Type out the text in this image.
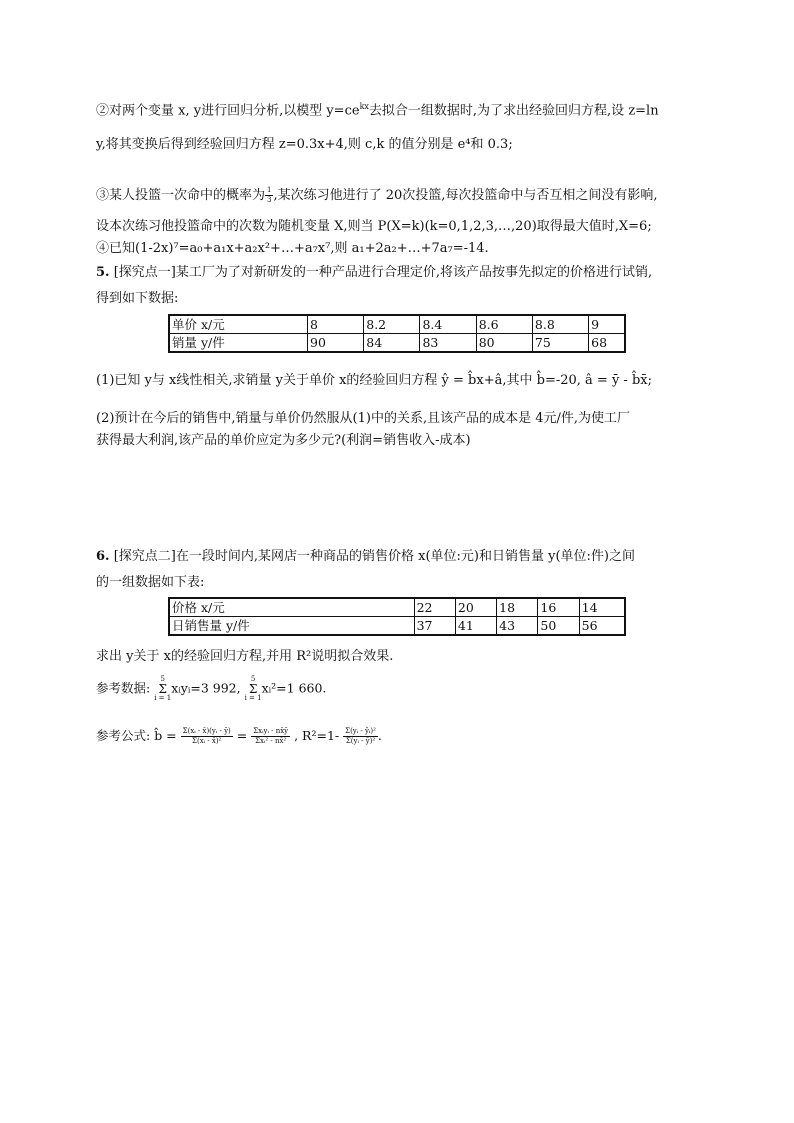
②对两个变量 x, y进行回归分析,以模型 $y=ce^{kx}$去拟合一组数据时,为了求出经验回归方程,设 z=ln
y,将其变换后得到经验回归方程 z=0.3x+4,则 c,k 的值分别是 e⁴和 0.3;
③某人投篮一次命中的概率为 $\frac{1}{3}$ ,某次练习他进行了 20次投篮,每次投篮命中与否互相之间没有影响,
设本次练习他投篮命中的次数为随机变量 X,则当 P(X=k)(k=0,1,2,3,…,20)取得最大值时,X=6;
④已知(1-2x)⁷=a₀+a₁x+a₂x²+…+a₇x⁷,则 a₁+2a₂+…+7a₇=-14.
5. [探究点一]某工厂为了对新研发的一种产品进行合理定价,将该产品按事先拟定的价格进行试销,
得到如下数据:
单价 x/元	8	8.2	8.4	8.6	8.8	9
销量 y/件	90	84	83	80	75	68
(1)已知 y与 x线性相关,求销量 y关于单价 x的经验回归方程 ŷ = b̂x+â,其中 b̂=-20, â = ȳ - b̂x̄;
(2)预计在今后的销售中,销量与单价仍然服从(1)中的关系,且该产品的成本是 4元/件,为使工厂
获得最大利润,该产品的单价应定为多少元?(利润=销售收入-成本)
6. [探究点二]在一段时间内,某网店一种商品的销售价格 x(单位:元)和日销售量 y(单位:件)之间
的一组数据如下表:
价格 x/元	22	20	18	16	14
日销售量 y/件	37	41	43	50	56
求出 y关于 x的经验回归方程,并用 R²说明拟合效果.
参考数据:
5
Σ
i = 1
xᵢyᵢ=3 992,
5
Σ
i = 1
xᵢ²=1 660.
参考公式: b̂ = $\frac{\text{Σ(xᵢ - x̄)(yᵢ - ȳ)}}{\text{Σ(xᵢ - x̄)²}} = \frac{\text{Σxᵢyᵢ - nx̄ȳ}}{\text{Σxᵢ² - nx̄²}}$ , $R^2=1- \frac{\text{Σ(yᵢ - ŷᵢ)²}}{\text{Σ(yᵢ - ȳ)²}}$ .
